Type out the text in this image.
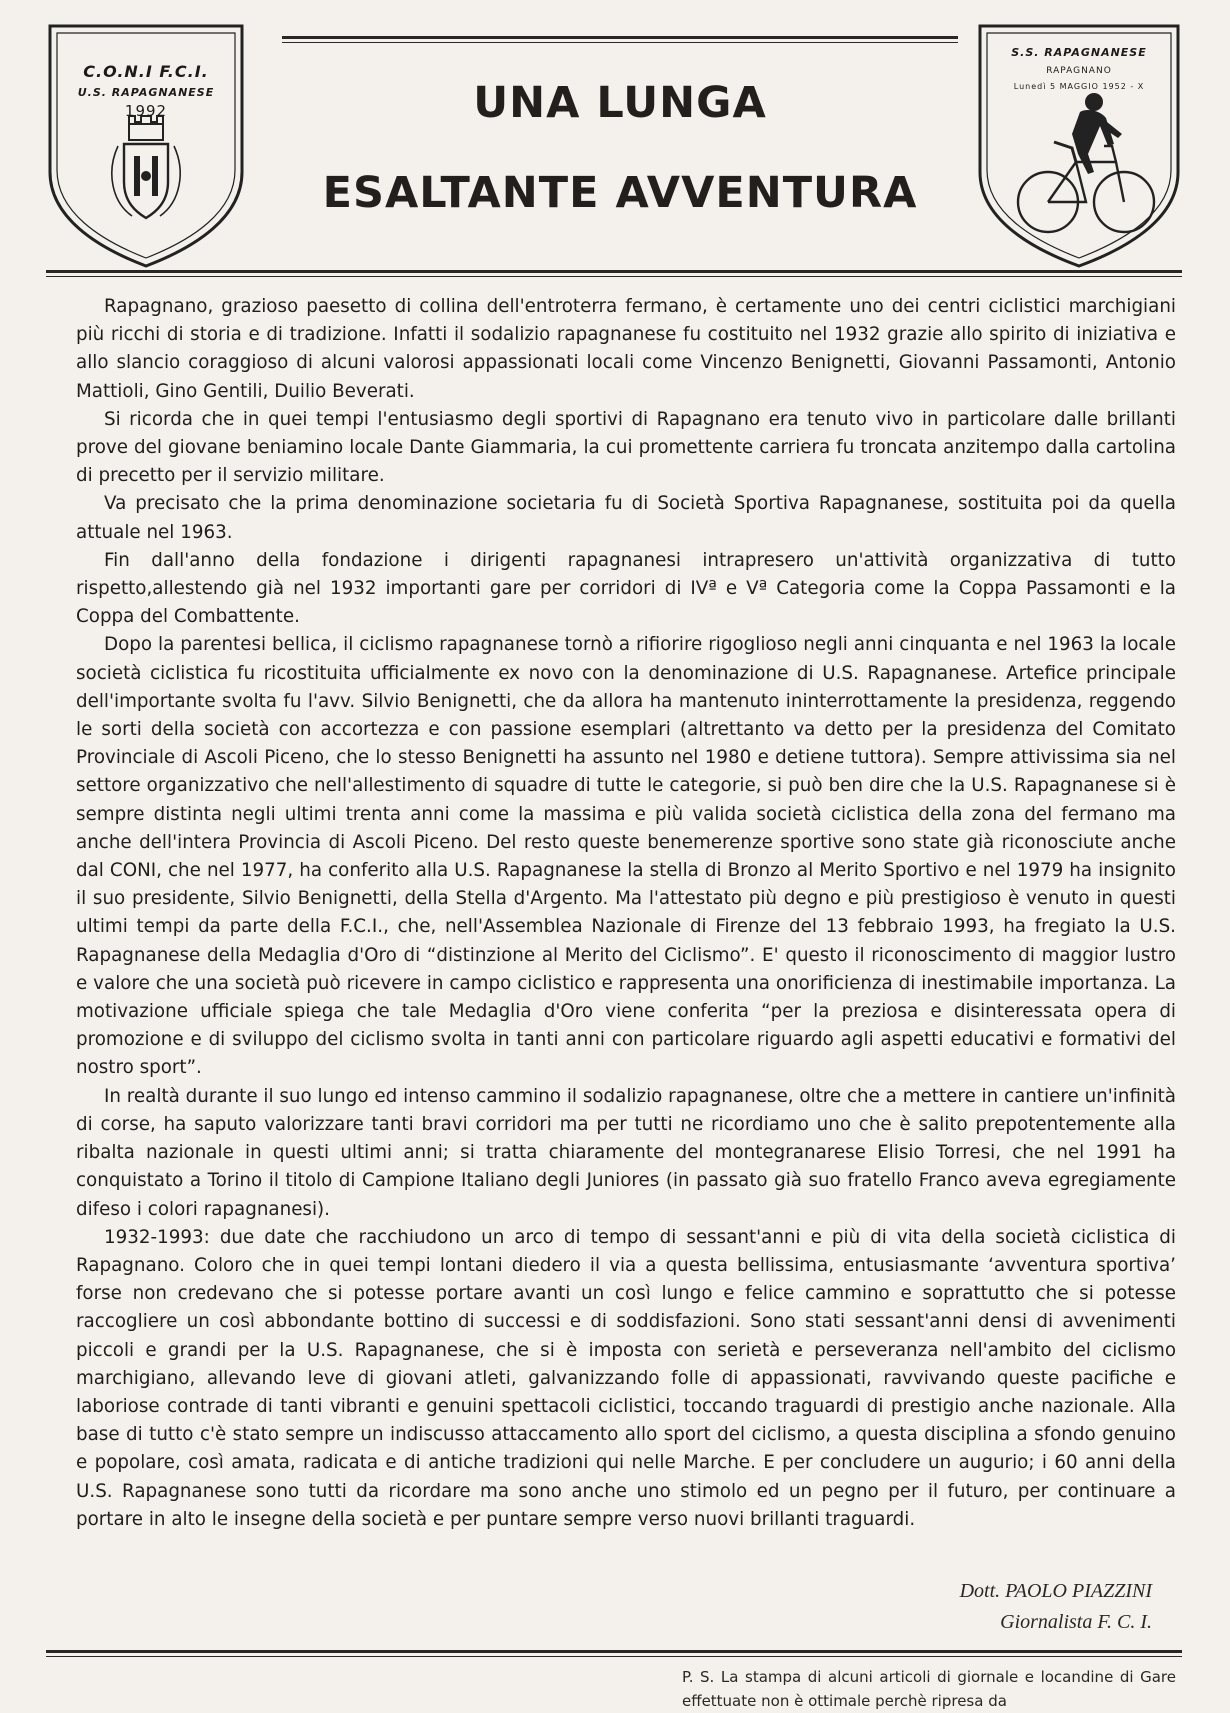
C.O.N.I F.C.I.
U.S. RAPAGNANESE
1992	UNA LUNGA
ESALTANTE AVVENTURA
S.S. RAPAGNANESE
RAPAGNANO
Lunedì 5 MAGGIO 1952 - X

Rapagnano, grazioso paesetto di collina dell'entroterra fermano, è certamente uno dei centri ciclistici marchigiani più ricchi di storia e di tradizione. Infatti il sodalizio rapagnanese fu costituito nel 1932 grazie allo spirito di iniziativa e allo slancio coraggioso di alcuni valorosi appassionati locali come Vincenzo Benignetti, Giovanni Passamonti, Antonio Mattioli, Gino Gentili, Duilio Beverati.

Si ricorda che in quei tempi l'entusiasmo degli sportivi di Rapagnano era tenuto vivo in particolare dalle brillanti prove del giovane beniamino locale Dante Giammaria, la cui promettente carriera fu troncata anzitempo dalla cartolina di precetto per il servizio militare.

Va precisato che la prima denominazione societaria fu di Società Sportiva Rapagnanese, sostituita poi da quella attuale nel 1963.

Fin dall'anno della fondazione i dirigenti rapagnanesi intrapresero un'attività organizzativa di tutto rispetto,allestendo già nel 1932 importanti gare per corridori di IVª e Vª Categoria come la Coppa Passamonti e la Coppa del Combattente.

Dopo la parentesi bellica, il ciclismo rapagnanese tornò a rifiorire rigoglioso negli anni cinquanta e nel 1963 la locale società ciclistica fu ricostituita ufficialmente ex novo con la denominazione di U.S. Rapagnanese. Artefice principale dell'importante svolta fu l'avv. Silvio Benignetti, che da allora ha mantenuto ininterrottamente la presidenza, reggendo le sorti della società con accortezza e con passione esemplari (altrettanto va detto per la presidenza del Comitato Provinciale di Ascoli Piceno, che lo stesso Benignetti ha assunto nel 1980 e detiene tuttora). Sempre attivissima sia nel settore organizzativo che nell'allestimento di squadre di tutte le categorie, si può ben dire che la U.S. Rapagnanese si è sempre distinta negli ultimi trenta anni come la massima e più valida società ciclistica della zona del fermano ma anche dell'intera Provincia di Ascoli Piceno. Del resto queste benemerenze sportive sono state già riconosciute anche dal CONI, che nel 1977, ha conferito alla U.S. Rapagnanese la stella di Bronzo al Merito Sportivo e nel 1979 ha insignito il suo presidente, Silvio Benignetti, della Stella d'Argento. Ma l'attestato più degno e più prestigioso è venuto in questi ultimi tempi da parte della F.C.I., che, nell'Assemblea Nazionale di Firenze del 13 febbraio 1993, ha fregiato la U.S. Rapagnanese della Medaglia d'Oro di “distinzione al Merito del Ciclismo”. E' questo il riconoscimento di maggior lustro e valore che una società può ricevere in campo ciclistico e rappresenta una onorificienza di inestimabile importanza. La motivazione ufficiale spiega che tale Medaglia d'Oro viene conferita “per la preziosa e disinteressata opera di promozione e di sviluppo del ciclismo svolta in tanti anni con particolare riguardo agli aspetti educativi e formativi del nostro sport”.

In realtà durante il suo lungo ed intenso cammino il sodalizio rapagnanese, oltre che a mettere in cantiere un'infinità di corse, ha saputo valorizzare tanti bravi corridori ma per tutti ne ricordiamo uno che è salito prepotentemente alla ribalta nazionale in questi ultimi anni; si tratta chiaramente del montegranarese Elisio Torresi, che nel 1991 ha conquistato a Torino il titolo di Campione Italiano degli Juniores (in passato già suo fratello Franco aveva egregiamente difeso i colori rapagnanesi).

1932-1993: due date che racchiudono un arco di tempo di sessant'anni e più di vita della società ciclistica di Rapagnano. Coloro che in quei tempi lontani diedero il via a questa bellissima, entusiasmante ‘avventura sportiva’ forse non credevano che si potesse portare avanti un così lungo e felice cammino e soprattutto che si potesse raccogliere un così abbondante bottino di successi e di soddisfazioni. Sono stati sessant'anni densi di avvenimenti piccoli e grandi per la U.S. Rapagnanese, che si è imposta con serietà e perseveranza nell'ambito del ciclismo marchigiano, allevando leve di giovani atleti, galvanizzando folle di appassionati, ravvivando queste pacifiche e laboriose contrade di tanti vibranti e genuini spettacoli ciclistici, toccando traguardi di prestigio anche nazionale. Alla base di tutto c'è stato sempre un indiscusso attaccamento allo sport del ciclismo, a questa disciplina a sfondo genuino e popolare, così amata, radicata e di antiche tradizioni qui nelle Marche. E per concludere un augurio; i 60 anni della U.S. Rapagnanese sono tutti da ricordare ma sono anche uno stimolo ed un pegno per il futuro, per continuare a portare in alto le insegne della società e per puntare sempre verso nuovi brillanti traguardi.

Dott. PAOLO PIAZZINI
Giornalista F. C. I.
P. S. La stampa di alcuni articoli di giornale e locandine di Gare effettuate non è ottimale perchè ripresa da
